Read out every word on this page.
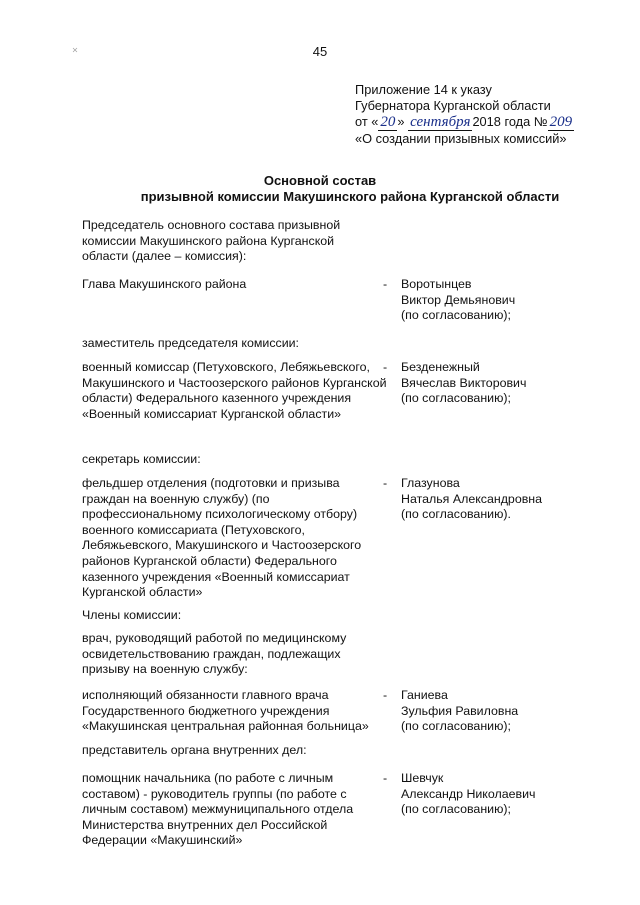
45
Приложение 14 к указу
Губернатора Курганской области
от « 20 » сентября 2018 года № 209
«О создании призывных комиссий»
Основной состав
призывной комиссии Макушинского района Курганской области
Председатель основного состава призывной комиссии Макушинского района Курганской области (далее – комиссия):
Глава Макушинского района	-	Воротынцев
Виктор Демьянович
(по согласованию);
заместитель председателя комиссии:
военный комиссар (Петуховского, Лебяжьевского, Макушинского и Частоозерского районов Курганской области) Федерального казенного учреждения «Военный комиссариат Курганской области»
-	Безденежный
Вячеслав Викторович
(по согласованию);
секретарь комиссии:
фельдшер отделения (подготовки и призыва граждан на военную службу) (по профессиональному психологическому отбору) военного комиссариата (Петуховского, Лебяжьевского, Макушинского и Частоозерского районов Курганской области) Федерального казенного учреждения «Военный комиссариат Курганской области»
-	Глазунова
Наталья Александровна
(по согласованию).
Члены комиссии:
врач, руководящий работой по медицинскому освидетельствованию граждан, подлежащих призыву на военную службу:
исполняющий обязанности главного врача Государственного бюджетного учреждения «Макушинская центральная районная больница»
-	Ганиева
Зульфия Равиловна
(по согласованию);
представитель органа внутренних дел:
помощник начальника (по работе с личным составом) - руководитель группы (по работе с личным составом) межмуниципального отдела Министерства внутренних дел Российской Федерации «Макушинский»
-	Шевчук
Александр Николаевич
(по согласованию);
